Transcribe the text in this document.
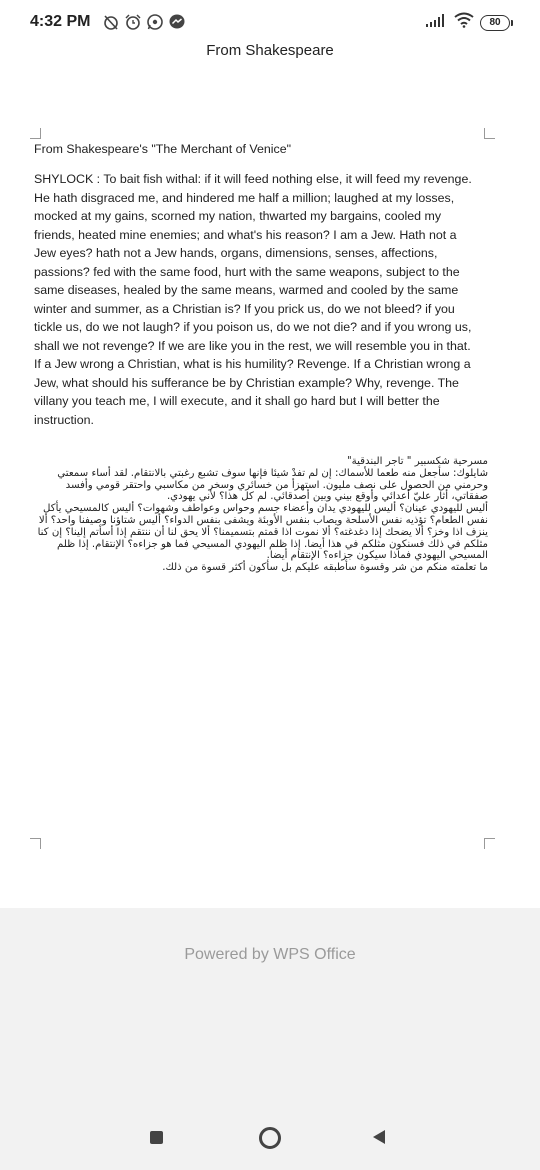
4:32 PM	80
From Shakespeare
From Shakespeare's "The Merchant of Venice"
SHYLOCK : To bait fish withal: if it will feed nothing else, it will feed my revenge. He hath disgraced me, and hindered me half a million; laughed at my losses, mocked at my gains, scorned my nation, thwarted my bargains, cooled my friends, heated mine enemies; and what's his reason? I am a Jew. Hath not a Jew eyes? hath not a Jew hands, organs, dimensions, senses, affections, passions? fed with the same food, hurt with the same weapons, subject to the same diseases, healed by the same means, warmed and cooled by the same winter and summer, as a Christian is? If you prick us, do we not bleed? if you tickle us, do we not laugh? if you poison us, do we not die? and if you wrong us, shall we not revenge? If we are like you in the rest, we will resemble you in that. If a Jew wrong a Christian, what is his humility? Revenge. If a Christian wrong a Jew, what should his sufferance be by Christian example? Why, revenge. The villany you teach me, I will execute, and it shall go hard but I will better the instruction.

مسرحية شكسبير " تاجر البندقية"

شايلوك: سأجعل منه طعما للأسماك: إن لم تفدْ شيئا فإنها سوف تشبع رغبتي بالانتقام. لقد أساء سمعتي وحرمني من الحصول على نصف مليون. استهزأ من خسائري وسخر من مكاسبي واحتقر قومي وأفسد صفقاتي، أثار عليّ أعدائي وأوقع بيني وبين أصدقائي. لم كل هذا؟ لأني يهودي.

أليس لليهودي عينان؟ أليس لليهودي يدان وأعضاء جسم وحواس وعواطف وشهوات؟ أليس كالمسيحي يأكل نفس الطعام؟ تؤذيه نفس الأسلحة ويصاب بنفس الأوبئة ويشفى بنفس الدواء؟ أليس شتاؤنا وصيفنا واحد؟ ألا ينزف اذا وخز؟ ألا يضحك إذا دغدغته؟ ألا نموت اذا قمتم بتسميمنا؟ ألا يحق لنا أن ننتقم إذا أسأتم إلينا؟ إن كنا مثلكم في ذلك فسنكون مثلكم في هذا أيضا. إذا ظلم اليهودي المسيحي فما هو جزاءه؟ الإنتقام. إذا ظلم المسيحي اليهودي فماذا سيكون جزاءه؟ الإنتقام أيضا.

ما تعلمته منكم من شر وقسوة سأطبقه عليكم بل سأكون أكثر قسوة من ذلك.

Powered by WPS Office
